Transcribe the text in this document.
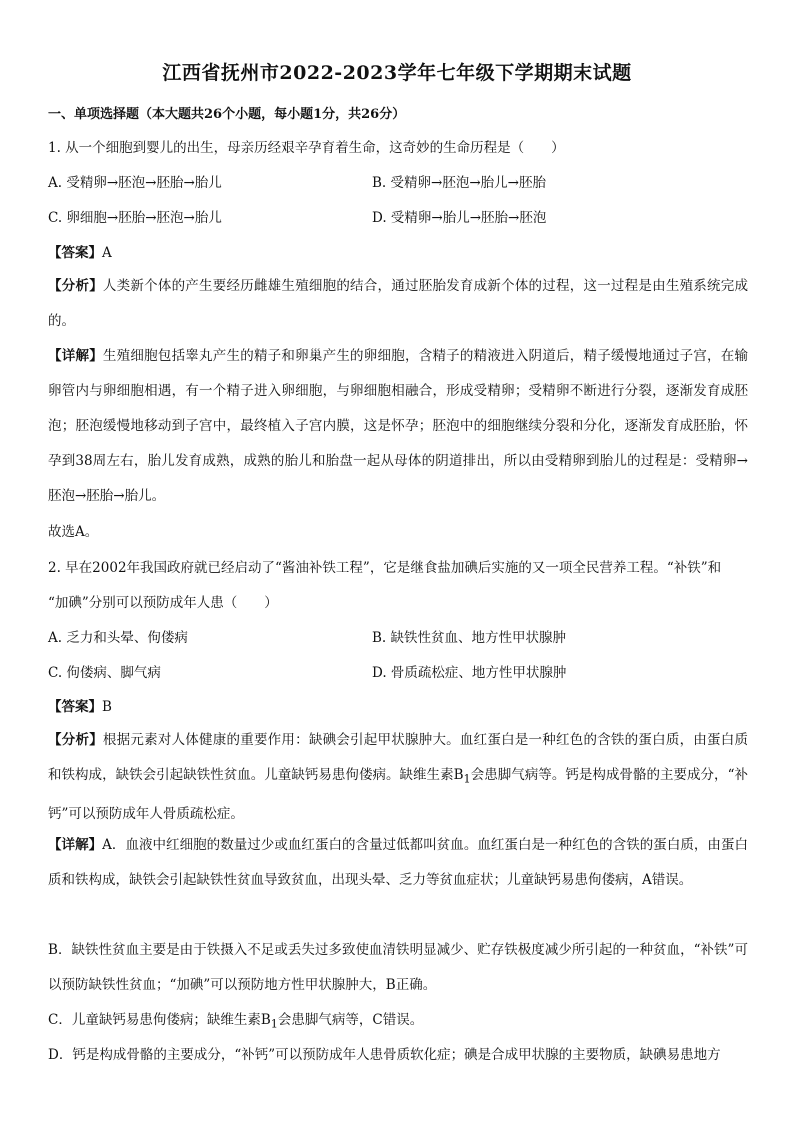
江西省抚州市2022-2023学年七年级下学期期末试题
一、单项选择题（本大题共26个小题，每小题1分，共26分）
1. 从一个细胞到婴儿的出生，母亲历经艰辛孕育着生命，这奇妙的生命历程是（　　）
A. 受精卵→胚泡→胚胎→胎儿	B. 受精卵→胚泡→胎儿→胚胎
C. 卵细胞→胚胎→胚泡→胎儿	D. 受精卵→胎儿→胚胎→胚泡
【答案】A
【分析】人类新个体的产生要经历雌雄生殖细胞的结合，通过胚胎发育成新个体的过程，这一过程是由生殖系统完成的。
【详解】生殖细胞包括睾丸产生的精子和卵巢产生的卵细胞，含精子的精液进入阴道后，精子缓慢地通过子宫，在输卵管内与卵细胞相遇，有一个精子进入卵细胞，与卵细胞相融合，形成受精卵；受精卵不断进行分裂，逐渐发育成胚泡；胚泡缓慢地移动到子宫中，最终植入子宫内膜，这是怀孕；胚泡中的细胞继续分裂和分化，逐渐发育成胚胎，怀孕到38周左右，胎儿发育成熟，成熟的胎儿和胎盘一起从母体的阴道排出，所以由受精卵到胎儿的过程是：受精卵→胚泡→胚胎→胎儿。
故选A。
2. 早在2002年我国政府就已经启动了“酱油补铁工程”，它是继食盐加碘后实施的又一项全民营养工程。“补铁”和
“加碘”分别可以预防成年人患（　　）
A. 乏力和头晕、佝偻病	B. 缺铁性贫血、地方性甲状腺肿
C. 佝偻病、脚气病	D. 骨质疏松症、地方性甲状腺肿
【答案】B
【分析】根据元素对人体健康的重要作用：缺碘会引起甲状腺肿大。血红蛋白是一种红色的含铁的蛋白质，由蛋白质和铁构成，缺铁会引起缺铁性贫血。儿童缺钙易患佝偻病。缺维生素$B_1$会患脚气病等。钙是构成骨骼的主要成分，“补钙”可以预防成年人骨质疏松症。
【详解】A．血液中红细胞的数量过少或血红蛋白的含量过低都叫贫血。血红蛋白是一种红色的含铁的蛋白质，由蛋白质和铁构成，缺铁会引起缺铁性贫血导致贫血，出现头晕、乏力等贫血症状；儿童缺钙易患佝偻病，A错误。
B．缺铁性贫血主要是由于铁摄入不足或丢失过多致使血清铁明显减少、贮存铁极度减少所引起的一种贫血，“补铁”可以预防缺铁性贫血；“加碘”可以预防地方性甲状腺肿大，B正确。
C．儿童缺钙易患佝偻病；缺维生素$B_1$会患脚气病等，C错误。
D．钙是构成骨骼的主要成分，“补钙”可以预防成年人患骨质软化症；碘是合成甲状腺的主要物质，缺碘易患地方
